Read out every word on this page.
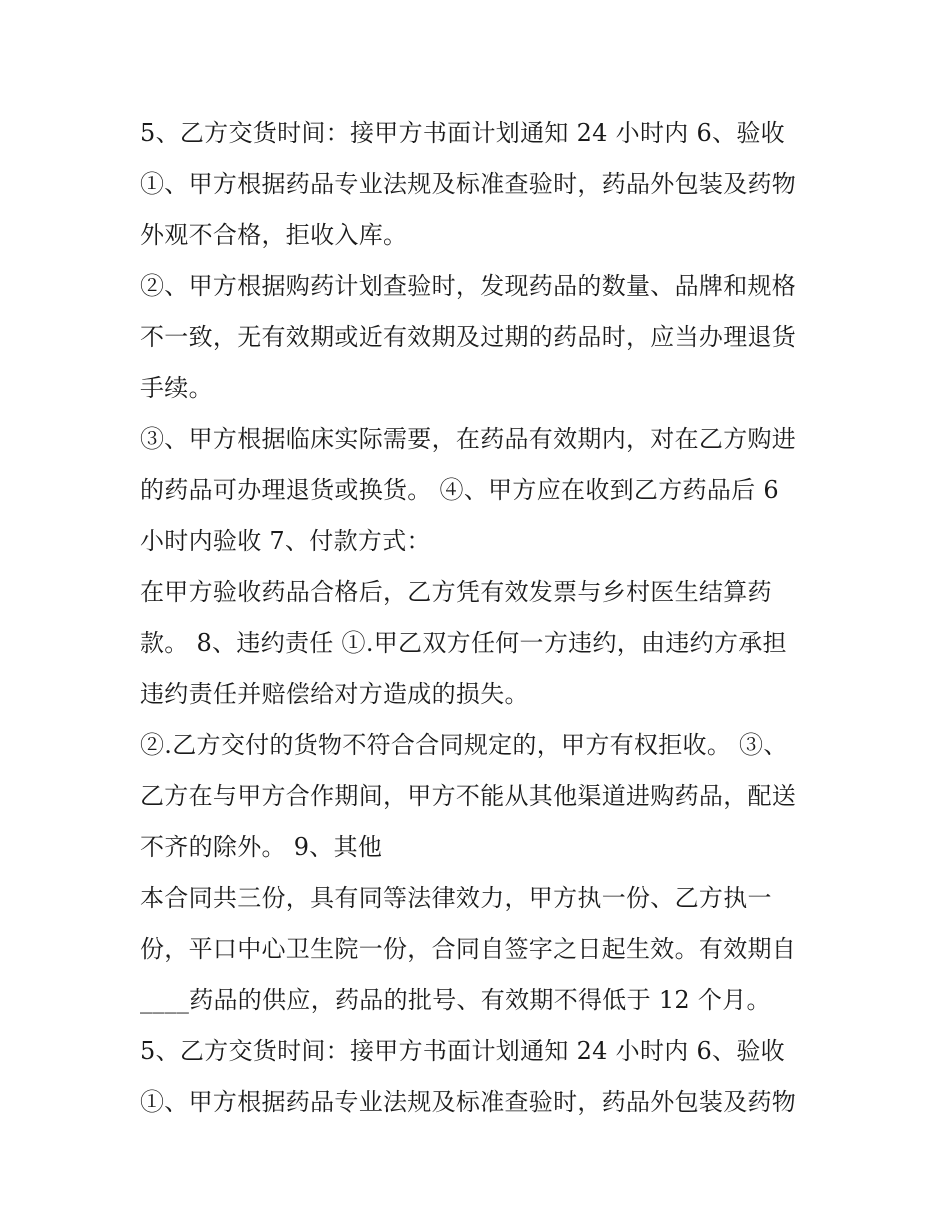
5、乙方交货时间：接甲方书面计划通知 24 小时内 6、验收
①、甲方根据药品专业法规及标准查验时，药品外包装及药物
外观不合格，拒收入库。
②、甲方根据购药计划查验时，发现药品的数量、品牌和规格
不一致，无有效期或近有效期及过期的药品时，应当办理退货
手续。
③、甲方根据临床实际需要，在药品有效期内，对在乙方购进
的药品可办理退货或换货。 ④、甲方应在收到乙方药品后 6
小时内验收 7、付款方式：
在甲方验收药品合格后，乙方凭有效发票与乡村医生结算药
款。 8、违约责任 ①.甲乙双方任何一方违约，由违约方承担
违约责任并赔偿给对方造成的损失。
②.乙方交付的货物不符合合同规定的，甲方有权拒收。 ③、
乙方在与甲方合作期间，甲方不能从其他渠道进购药品，配送
不齐的除外。 9、其他
本合同共三份，具有同等法律效力，甲方执一份、乙方执一
份，平口中心卫生院一份，合同自签字之日起生效。有效期自
____药品的供应，药品的批号、有效期不得低于 12 个月。
5、乙方交货时间：接甲方书面计划通知 24 小时内 6、验收
①、甲方根据药品专业法规及标准查验时，药品外包装及药物
